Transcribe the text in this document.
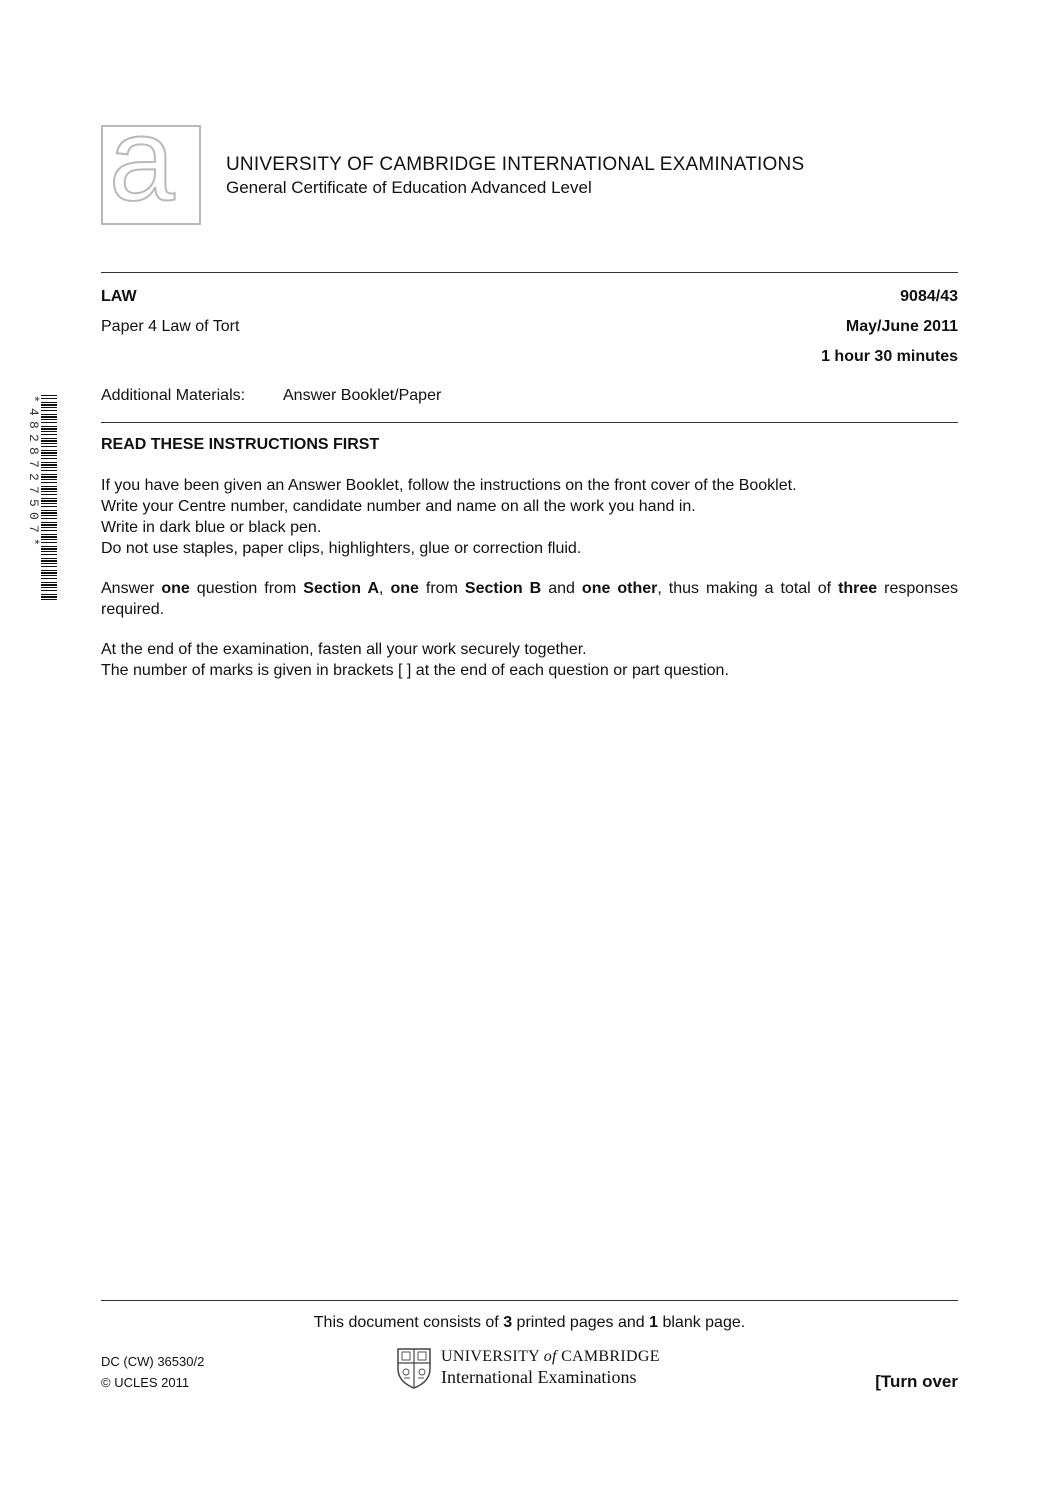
a	UNIVERSITY OF CAMBRIDGE INTERNATIONAL EXAMINATIONS
General Certificate of Education Advanced Level
LAW	9084/43
Paper 4 Law of Tort	May/June 2011
1 hour 30 minutes
Additional Materials: Answer Booklet/Paper
*4828727507*	READ THESE INSTRUCTIONS FIRST

If you have been given an Answer Booklet, follow the instructions on the front cover of the Booklet.

Write your Centre number, candidate number and name on all the work you hand in.

Write in dark blue or black pen.

Do not use staples, paper clips, highlighters, glue or correction fluid.

Answer one question from Section A, one from Section B and one other, thus making a total of three responses required.

At the end of the examination, fasten all your work securely together.

The number of marks is given in brackets [ ] at the end of each question or part question.

This document consists of 3 printed pages and 1 blank page.
DC (CW) 36530/2
© UCLES 2011
UNIVERSITY of CAMBRIDGE
International Examinations	[Turn over
